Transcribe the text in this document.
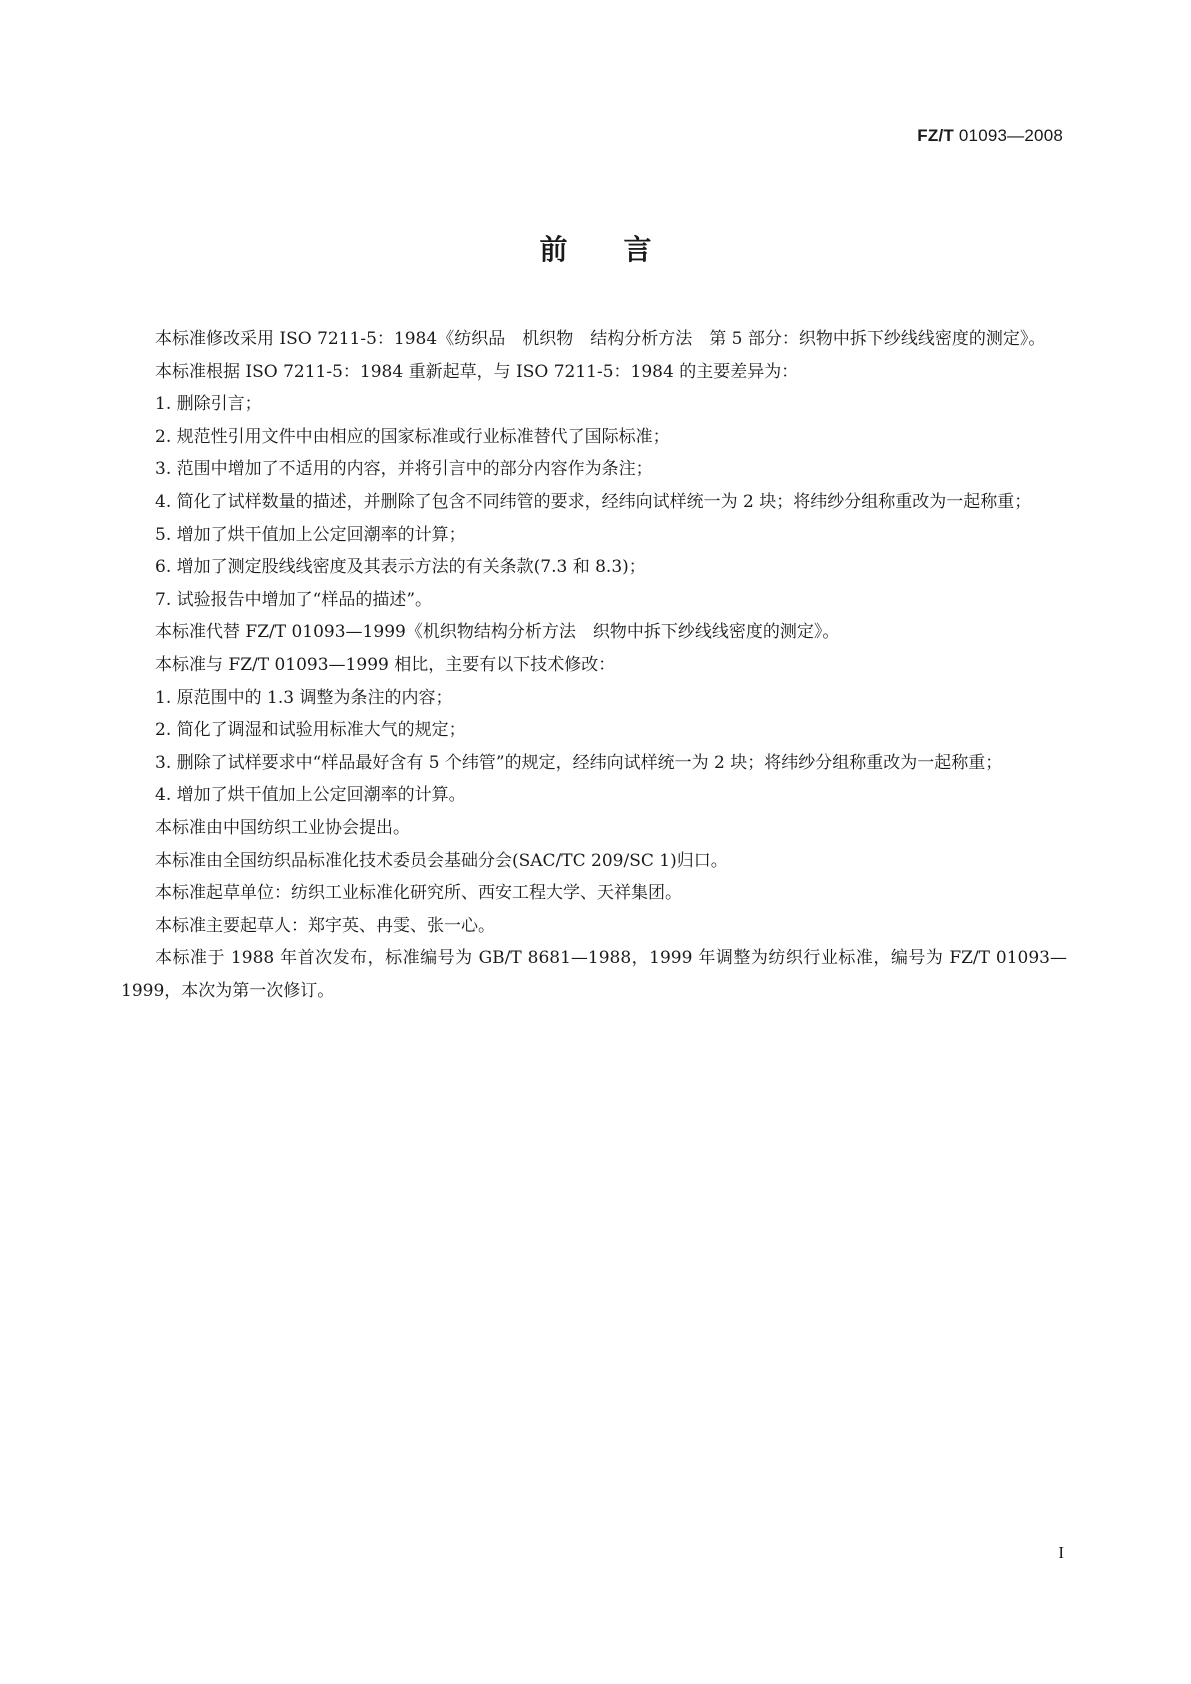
FZ/T 01093—2008
前 言

本标准修改采用 ISO 7211-5：1984《纺织品　机织物　结构分析方法　第 5 部分：织物中拆下纱线线密度的测定》。

本标准根据 ISO 7211-5：1984 重新起草，与 ISO 7211-5：1984 的主要差异为：

1. 删除引言；

2. 规范性引用文件中由相应的国家标准或行业标准替代了国际标准；

3. 范围中增加了不适用的内容，并将引言中的部分内容作为条注；

4. 简化了试样数量的描述，并删除了包含不同纬管的要求，经纬向试样统一为 2 块；将纬纱分组称重改为一起称重；

5. 增加了烘干值加上公定回潮率的计算；

6. 增加了测定股线线密度及其表示方法的有关条款(7.3 和 8.3)；

7. 试验报告中增加了“样品的描述”。

本标准代替 FZ/T 01093—1999《机织物结构分析方法　织物中拆下纱线线密度的测定》。

本标准与 FZ/T 01093—1999 相比，主要有以下技术修改：

1. 原范围中的 1.3 调整为条注的内容；

2. 简化了调湿和试验用标准大气的规定；

3. 删除了试样要求中“样品最好含有 5 个纬管”的规定，经纬向试样统一为 2 块；将纬纱分组称重改为一起称重；

4. 增加了烘干值加上公定回潮率的计算。

本标准由中国纺织工业协会提出。

本标准由全国纺织品标准化技术委员会基础分会(SAC/TC 209/SC 1)归口。

本标准起草单位：纺织工业标准化研究所、西安工程大学、天祥集团。

本标准主要起草人：郑宇英、冉雯、张一心。

本标准于 1988 年首次发布，标准编号为 GB/T 8681—1988，1999 年调整为纺织行业标准，编号为 FZ/T 01093—1999，本次为第一次修订。

I
